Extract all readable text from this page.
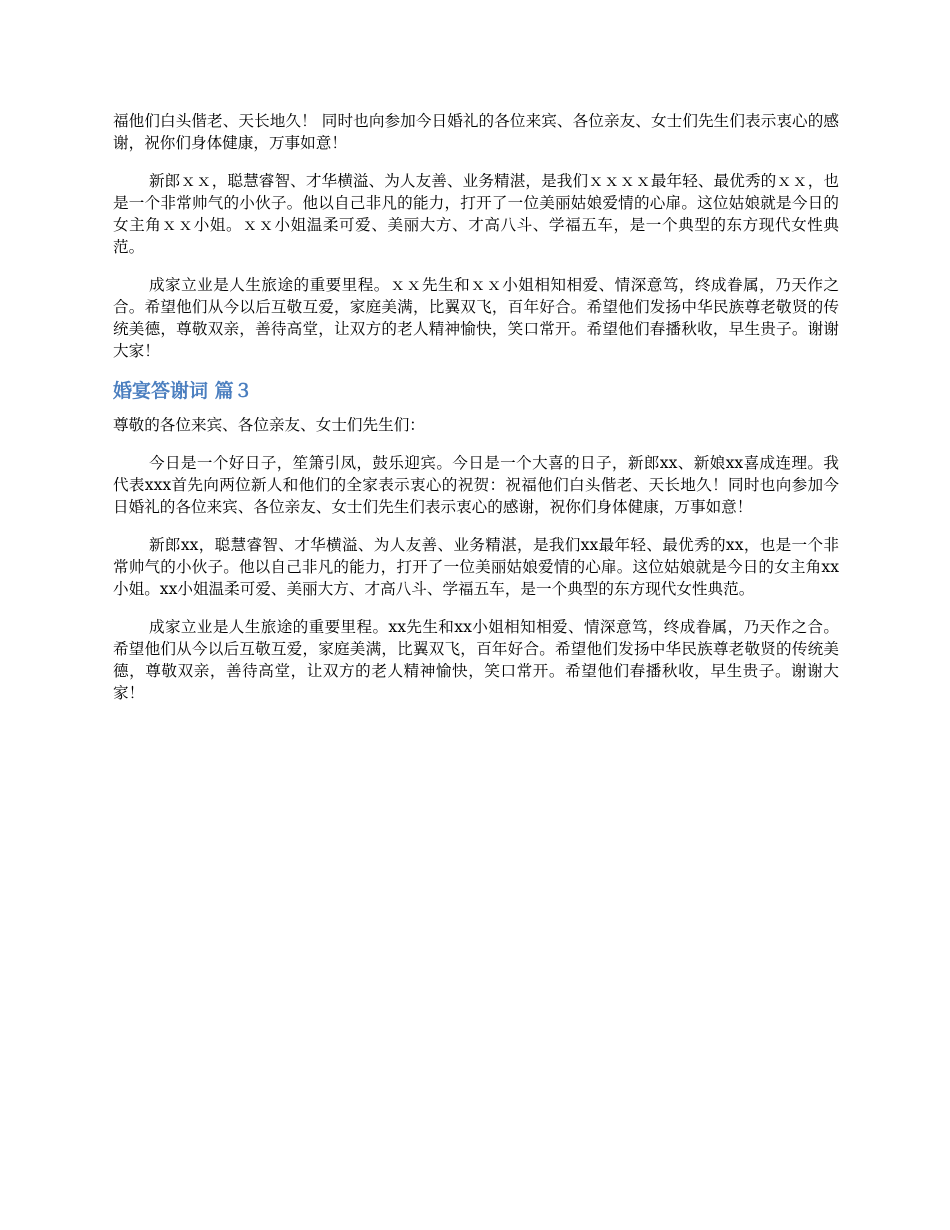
福他们白头偕老、天长地久！ 同时也向参加今日婚礼的各位来宾、各位亲友、女士们先生们表示衷心的感谢，祝你们身体健康，万事如意！

新郎ｘｘ，聪慧睿智、才华横溢、为人友善、业务精湛，是我们ｘｘｘｘ最年轻、最优秀的ｘｘ，也是一个非常帅气的小伙子。他以自己非凡的能力，打开了一位美丽姑娘爱情的心扉。这位姑娘就是今日的女主角ｘｘ小姐。ｘｘ小姐温柔可爱、美丽大方、才高八斗、学福五车，是一个典型的东方现代女性典范。

成家立业是人生旅途的重要里程。ｘｘ先生和ｘｘ小姐相知相爱、情深意笃，终成眷属，乃天作之合。希望他们从今以后互敬互爱，家庭美满，比翼双飞，百年好合。希望他们发扬中华民族尊老敬贤的传统美德，尊敬双亲，善待高堂，让双方的老人精神愉快，笑口常开。希望他们春播秋收，早生贵子。谢谢大家！

婚宴答谢词 篇３

尊敬的各位来宾、各位亲友、女士们先生们：

今日是一个好日子，笙箫引凤，鼓乐迎宾。今日是一个大喜的日子，新郎xx、新娘xx喜成连理。我代表xxx首先向两位新人和他们的全家表示衷心的祝贺：祝福他们白头偕老、天长地久！同时也向参加今日婚礼的各位来宾、各位亲友、女士们先生们表示衷心的感谢，祝你们身体健康，万事如意！

新郎xx，聪慧睿智、才华横溢、为人友善、业务精湛，是我们xx最年轻、最优秀的xx，也是一个非常帅气的小伙子。他以自己非凡的能力，打开了一位美丽姑娘爱情的心扉。这位姑娘就是今日的女主角xx小姐。xx小姐温柔可爱、美丽大方、才高八斗、学福五车，是一个典型的东方现代女性典范。

成家立业是人生旅途的重要里程。xx先生和xx小姐相知相爱、情深意笃，终成眷属，乃天作之合。希望他们从今以后互敬互爱，家庭美满，比翼双飞，百年好合。希望他们发扬中华民族尊老敬贤的传统美德，尊敬双亲，善待高堂，让双方的老人精神愉快，笑口常开。希望他们春播秋收，早生贵子。谢谢大家！
